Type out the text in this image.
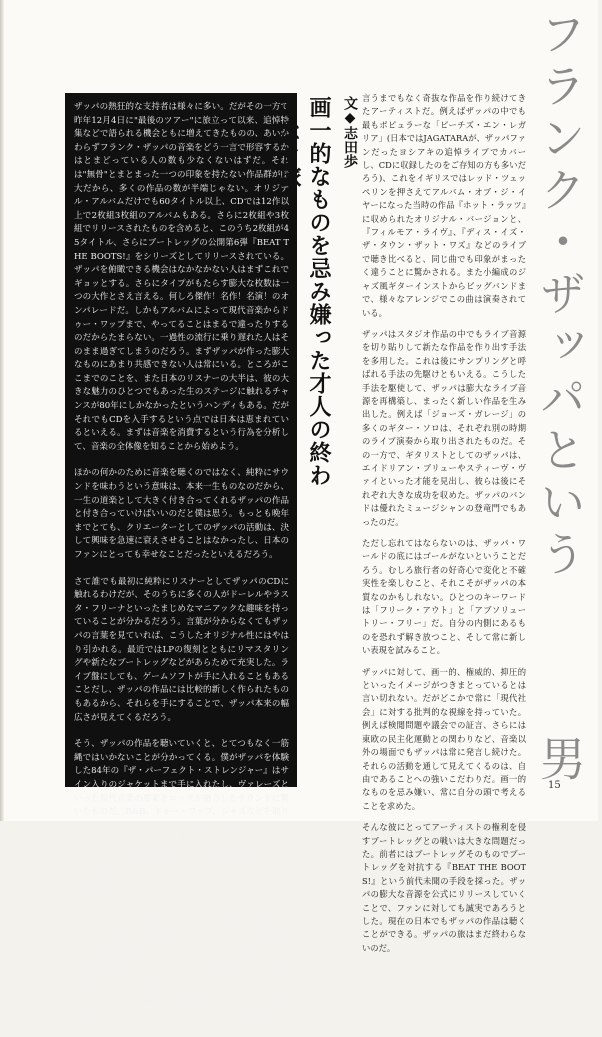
フランク・ザッパという
男

ザッパの熱狂的な支持者は様々に多い。だがその一方で昨年12月4日に"最後のツアー"に旅立って以来、追悼特集などで語られる機会ともに増えてきたものの、あいかわらずフランク・ザッパの音楽をどう一言で形容するかはとまどっている人の数も少なくないはずだ。それは"無骨"とまとまった一つの印象を持たない作品群が膨大だから、多くの作品の数が半端じゃない。オリジナル・アルバムだけでも60タイトル以上、CDでは12作以上で2枚組3枚組のアルバムもある。さらに2枚組や3枚組でリリースされたものを含めると、このうち2枚組が45タイトル、さらにブートレッグの公開第6弾『BEAT THE BOOTS!』をシリーズとしてリリースされている。ザッパを俯瞰できる機会はなかなかない人はまずこれでギョッとする。さらにタイプがもたらす膨大な枚数は一つの大作とさえ言える。何しろ傑作！名作！名演！のオンパレードだ。しかもアルバムによって現代音楽からドゥー・ワップまで、やってることはまるで違ったりするのだからたまらない。一過性の流行に乗り遅れた人はそのまま過ぎてしまうのだろう。まずザッパが作った膨大なものにあまり共感できない人は常にいる。ところがここまでのことを、また日本のリスナーの大半は、彼の大きな魅力のひとつでもあった生のステージに触れるチャンスが80年にしかなかったというハンディもある。だがそれでもCDを入手するという点では日本は恵まれているといえる。まずは音楽を消費するという行為を分析して、音楽の全体像を知ることから始めよう。

ほかの何かのために音楽を聴くのではなく、純粋にサウンドを味わうという意味は、本来一生ものなのだから、一生の道楽として大きく付き合ってくれるザッパの作品と付き合っていけばいいのだと僕は思う。もっとも晩年までとても、クリエーターとしてのザッパの活動は、決して興味を急速に衰えさせることはなかったし、日本のファンにとっても幸せなことだったといえるだろう。

さて誰でも最初に純粋にリスナーとしてザッパのCDに触れるわけだが、そのうちに多くの人がドーレルやラスタ・フリーナといったまじめなマニアックな趣味を持っていることが分かるだろう。言葉が分からなくてもザッパの言葉を見ていれば、こうしたオリジナル性にはやはり引かれる。最近ではLPの復刻とともにリマスタリングや新たなブートレッグなどがあらためて充実した。ライブ盤にしても、ゲームソフトが手に入れることもあることだし、ザッパの作品には比較的新しく作られたものもあるから、それらを手にすることで、ザッパ本来の幅広さが見えてくるだろう。

そう、ザッパの作品を聴いていくと、とてつもなく一筋縄ではいかないことが分かってくる。僕がザッパを体験した84年の『ザ・パーフェクト・ストレンジャー』はサイン入りのジャケットまで手に入れたし、ヴァレーズといった現代音楽の要素とロックが融合したサウンドに驚いたものだ。R&B、ドゥー・ワップ、ジャズなどを取り入れた、ザッパにしか作れない音楽の幅広さ。そしてそれ以上に、ザッパの才能に驚いた。「モンスター・マグネット」など現代音楽ともいえる作品群に比べると、タイトル通り「フリーク・アウト」は今でも強烈だが、60年代当時の状況を考えると、ザッパのオリジナリティの凄さが分かる。

ザッパの作品は膨大過ぎてむしろ触れる機会を逃しているのは残念だが、情報化社会になった今、その作品を聴くことは以前よりずっと容易になった。アルバム単位で捉えるのではなく、ライブも含めた膨大な音源として作品全体を見渡していくことで、ザッパが持っていた可能性に触れることが出来るだろう。思わず笑ってしまうようなユーモアと、厳しい批判精神、そして圧倒的な演奏技術。そのすべてがフランク・ザッパという男の魅力なのだ。

文◆志田歩
画一的なものを忌み嫌った才人の終わりなき旅	言うまでもなく奇抜な作品を作り続けてきたアーティストだ。例えばザッパの中でも最もポピュラーな「ピーチズ・エン・レガリア」(日本ではJAGATARAが、ザッパファンだったヨシアキの追悼ライブでカバーし、CDに収録したのをご存知の方も多いだろう)、これをイギリスではレッド・ツェッペリンを押さえてアルバム・オブ・ジ・イヤーになった当時の作品『ホット・ラッツ』に収められたオリジナル・バージョンと、『フィルモア・ライヴ』、『ディス・イズ・ザ・タウン・ザット・ワズ』などのライブで聴き比べると、同じ曲でも印象がまったく違うことに驚かされる。また小編成のジャズ風ギターインストからビッグバンドまで、様々なアレンジでこの曲は演奏されている。

ザッパはスタジオ作品の中でもライブ音源を切り貼りして新たな作品を作り出す手法を多用した。これは後にサンプリングと呼ばれる手法の先駆けともいえる。こうした手法を駆使して、ザッパは膨大なライブ音源を再構築し、まったく新しい作品を生み出した。例えば「ジョーズ・ガレージ」の多くのギター・ソロは、それぞれ別の時期のライブ演奏から取り出されたものだ。その一方で、ギタリストとしてのザッパは、エイドリアン・ブリューやスティーヴ・ヴァイといった才能を見出し、彼らは後にそれぞれ大きな成功を収めた。ザッパのバンドは優れたミュージシャンの登竜門でもあったのだ。

ただし忘れてはならないのは、ザッパ・ワールドの底にはゴールがないということだろう。むしろ旅行者の好奇心で変化と不確実性を楽しむこと、それこそがザッパの本質なのかもしれない。ひとつのキーワードは「フリーク・アウト」と「アブソリュートリー・フリー」だ。自分の内側にあるものを恐れず解き放つこと、そして常に新しい表現を試みること。

ザッパに対して、画一的、権威的、抑圧的といったイメージがつきまとっているとは言い切れない。だがどこかで常に「現代社会」に対する批判的な視線を持っていた。例えば検閲問題や議会での証言、さらには東欧の民主化運動との関わりなど、音楽以外の場面でもザッパは常に発言し続けた。それらの活動を通して見えてくるのは、自由であることへの強いこだわりだ。画一的なものを忌み嫌い、常に自分の頭で考えることを求めた。

そんな彼にとってアーティストの権利を侵すブートレッグとの戦いは大きな問題だった。前者にはブートレッグそのものでブートレッグを対抗する『BEAT THE BOOTS!』という前代未聞の手段を採った。ザッパの膨大な音源を公式にリリースしていくことで、ファンに対しても誠実であろうとした。現在の日本でもザッパの作品は聴くことができる。ザッパの旅はまだ終わらないのだ。

15
